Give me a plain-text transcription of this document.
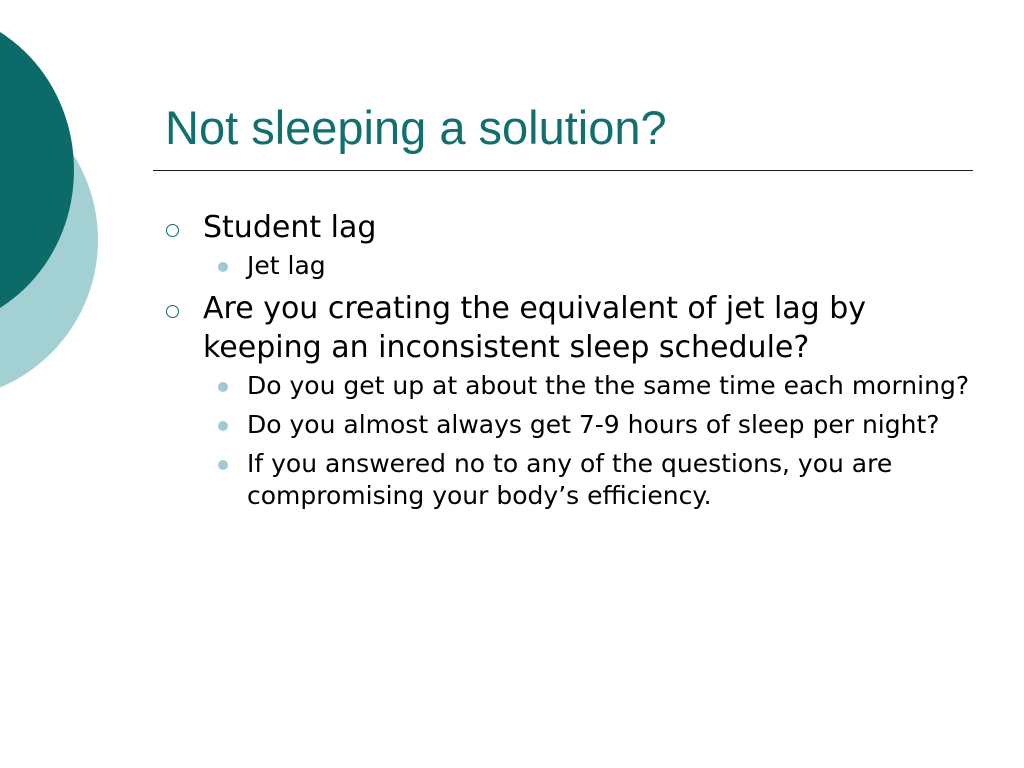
Not sleeping a solution?
Student lag
Jet lag
Are you creating the equivalent of jet lag by keeping an inconsistent sleep schedule?
Do you get up at about the the same time each morning?
Do you almost always get 7-9 hours of sleep per night?
If you answered no to any of the questions, you are compromising your body’s efficiency.
